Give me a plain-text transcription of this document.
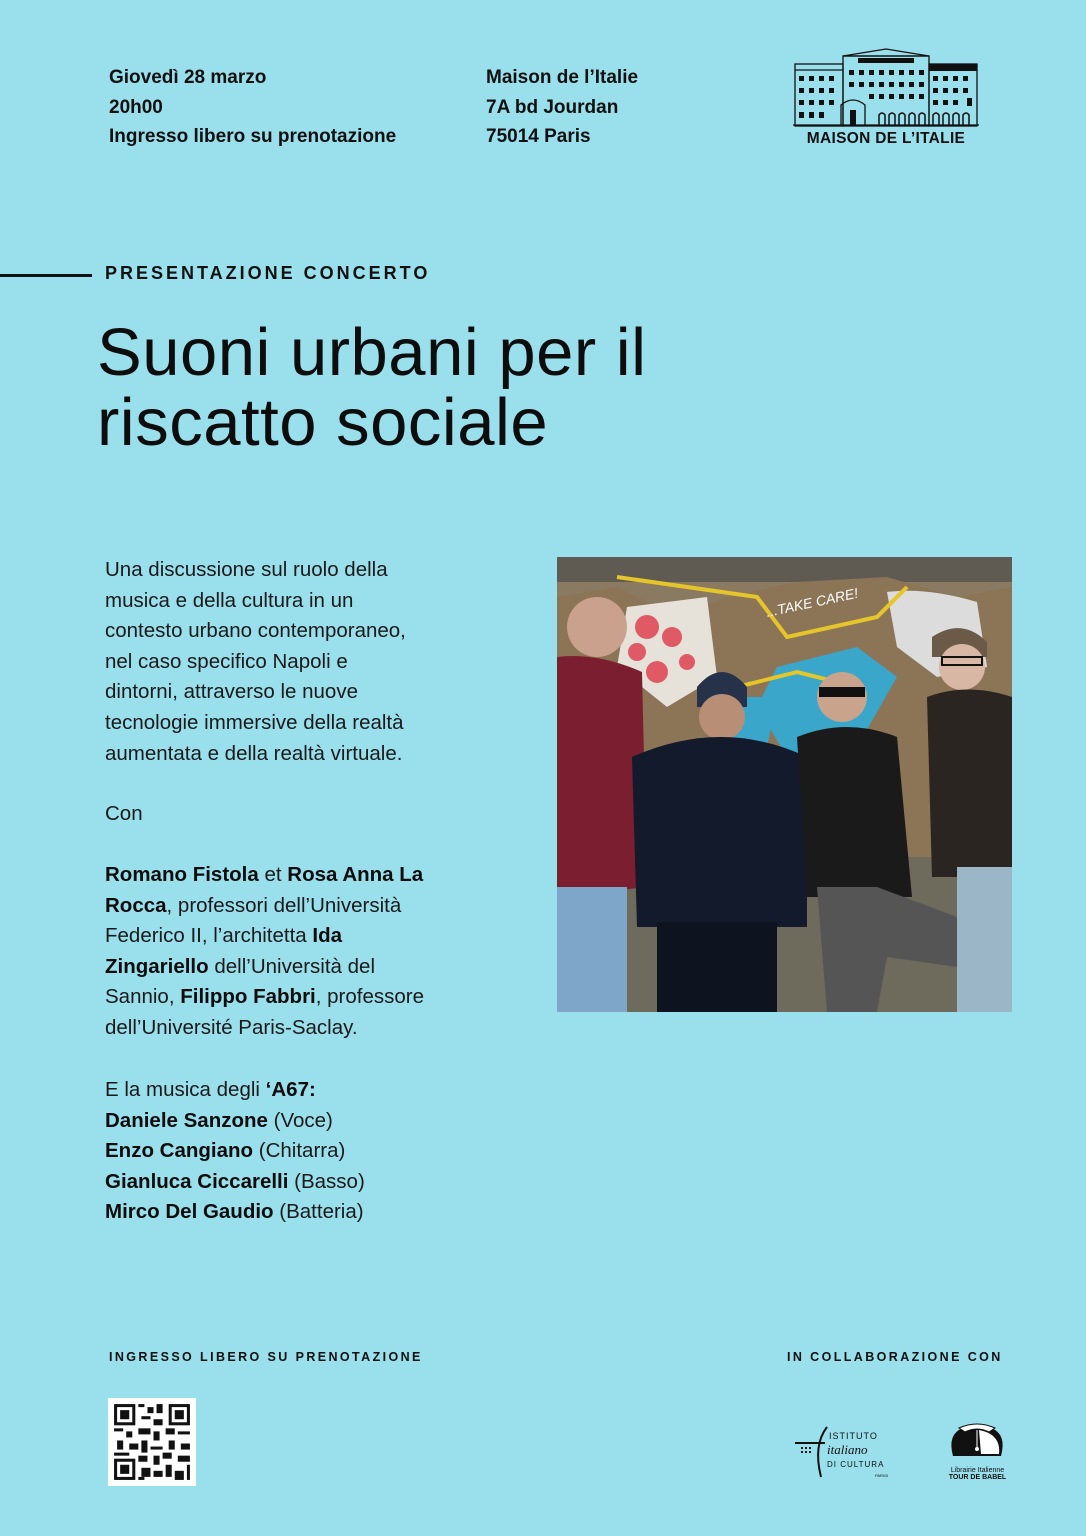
Giovedì 28 marzo
20h00
Ingresso libero su prenotazione
Maison de l’Italie
7A bd Jourdan
75014 Paris	MAISON DE L’ITALIE
PRESENTAZIONE CONCERTO
Suoni urbani per il
riscatto sociale
Una discussione sul ruolo della
musica e della cultura in un
contesto urbano contemporaneo,
nel caso specifico Napoli e
dintorni, attraverso le nuove
tecnologie immersive della realtà
aumentata e della realtà virtuale.
Con
Romano Fistola et Rosa Anna La
Rocca, professori dell’Università
Federico II, l’architetta Ida
Zingariello dell’Università del
Sannio, Filippo Fabbri, professore
dell’Université Paris-Saclay.
E la musica degli ‘A67:
Daniele Sanzone (Voce)
Enzo Cangiano (Chitarra)
Gianluca Ciccarelli (Basso)
Mirco Del Gaudio (Batteria)
...TAKE CARE!
INGRESSO LIBERO SU PRENOTAZIONE	IN COLLABORAZIONE CON
ISTITUTO
italiano
DI CULTURA
PARIGI
Librairie Italienne
TOUR DE BABEL
